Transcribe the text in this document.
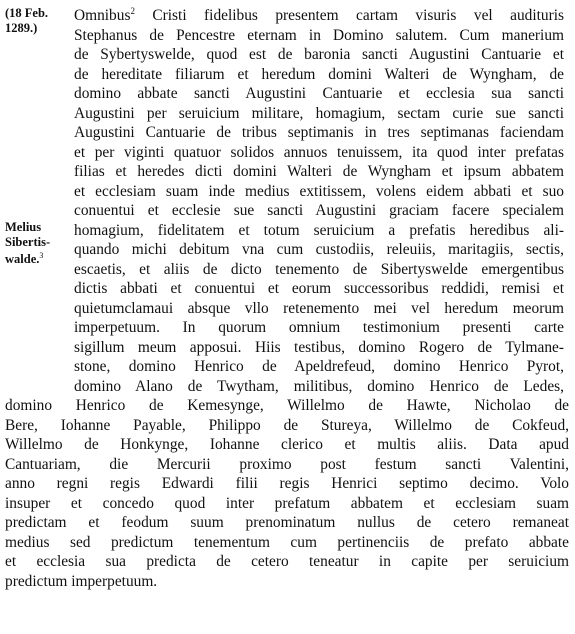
(18 Feb.
1289.)
Melius
Sibertis-
walde.$^3$
Omnibus$^2$ Cristi fidelibus presentem cartam visuris vel audituris
Stephanus de Pencestre eternam in Domino salutem. Cum manerium
de Sybertyswelde, quod est de baronia sancti Augustini Cantuarie et
de hereditate filiarum et heredum domini Walteri de Wyngham, de
domino abbate sancti Augustini Cantuarie et ecclesia sua sancti
Augustini per seruicium militare, homagium, sectam curie sue sancti
Augustini Cantuarie de tribus septimanis in tres septimanas faciendam
et per viginti quatuor solidos annuos tenuissem, ita quod inter prefatas
filias et heredes dicti domini Walteri de Wyngham et ipsum abbatem
et ecclesiam suam inde medius extitissem, volens eidem abbati et suo
conuentui et ecclesie sue sancti Augustini graciam facere specialem
homagium, fidelitatem et totum seruicium a prefatis heredibus ali-
quando michi debitum vna cum custodiis, releuiis, maritagiis, sectis,
escaetis, et aliis de dicto tenemento de Sibertyswelde emergentibus
dictis abbati et conuentui et eorum successoribus reddidi, remisi et
quietumclamaui absque vllo retenemento mei vel heredum meorum
imperpetuum. In quorum omnium testimonium presenti carte
sigillum meum apposui. Hiis testibus, domino Rogero de Tylmane-
stone, domino Henrico de Apeldrefeud, domino Henrico Pyrot,
domino Alano de Twytham, militibus, domino Henrico de Ledes,
domino Henrico de Kemesynge, Willelmo de Hawte, Nicholao de
Bere, Iohanne Payable, Philippo de Stureya, Willelmo de Cokfeud,
Willelmo de Honkynge, Iohanne clerico et multis aliis. Data apud
Cantuariam, die Mercurii proximo post festum sancti Valentini,
anno regni regis Edwardi filii regis Henrici septimo decimo. Volo
insuper et concedo quod inter prefatum abbatem et ecclesiam suam
predictam et feodum suum prenominatum nullus de cetero remaneat
medius sed predictum tenementum cum pertinenciis de prefato abbate
et ecclesia sua predicta de cetero teneatur in capite per seruicium
predictum imperpetuum.
